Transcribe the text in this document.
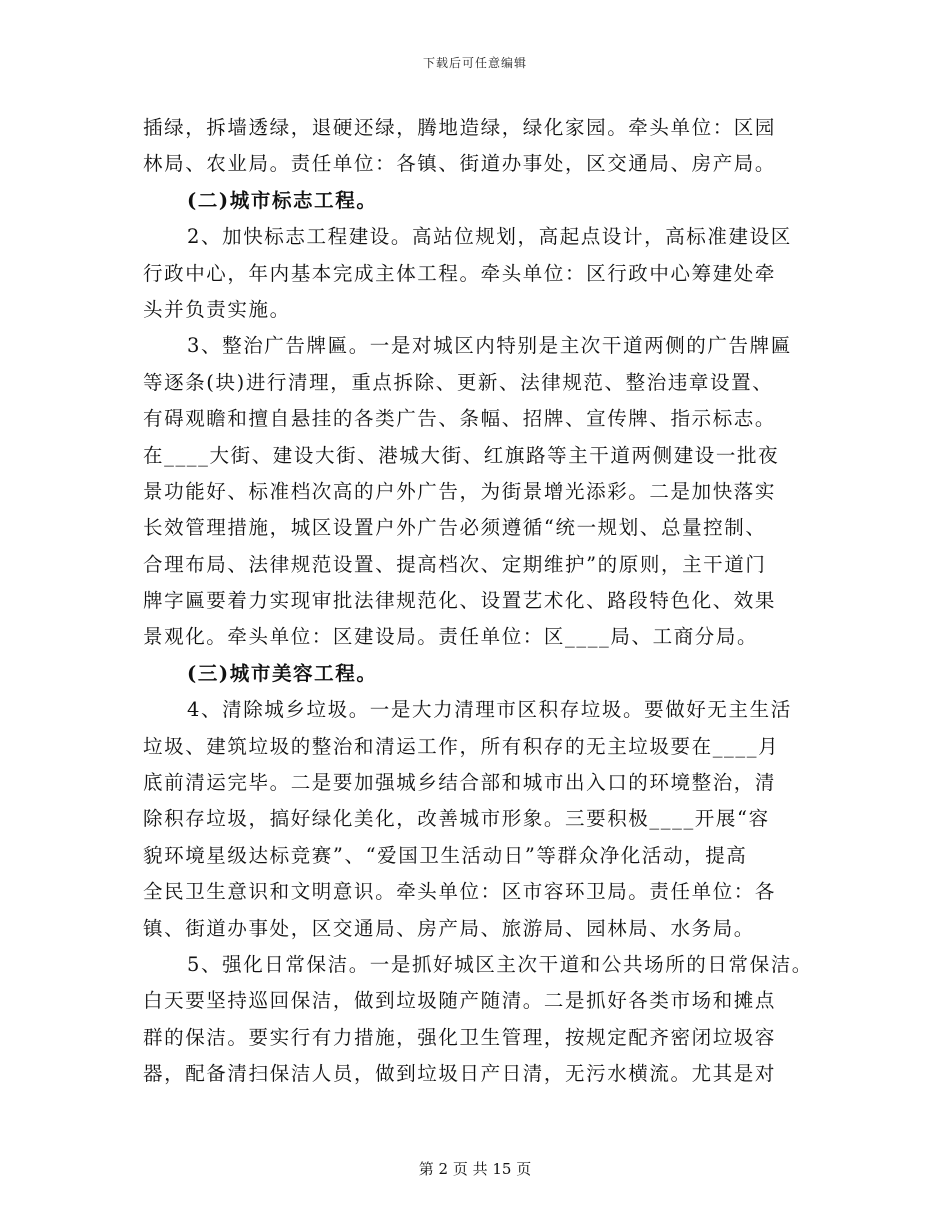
下载后可任意编辑
插绿，拆墙透绿，退硬还绿，腾地造绿，绿化家园。牵头单位：区园
林局、农业局。责任单位：各镇、街道办事处，区交通局、房产局。
(二)城市标志工程。
2、加快标志工程建设。高站位规划，高起点设计，高标准建设区
行政中心，年内基本完成主体工程。牵头单位：区行政中心筹建处牵
头并负责实施。
3、整治广告牌匾。一是对城区内特别是主次干道两侧的广告牌匾
等逐条(块)进行清理，重点拆除、更新、法律规范、整治违章设置、
有碍观瞻和擅自悬挂的各类广告、条幅、招牌、宣传牌、指示标志。
在____大街、建设大街、港城大街、红旗路等主干道两侧建设一批夜
景功能好、标准档次高的户外广告，为街景增光添彩。二是加快落实
长效管理措施，城区设置户外广告必须遵循“统一规划、总量控制、
合理布局、法律规范设置、提高档次、定期维护”的原则，主干道门
牌字匾要着力实现审批法律规范化、设置艺术化、路段特色化、效果
景观化。牵头单位：区建设局。责任单位：区____局、工商分局。
(三)城市美容工程。
4、清除城乡垃圾。一是大力清理市区积存垃圾。要做好无主生活
垃圾、建筑垃圾的整治和清运工作，所有积存的无主垃圾要在____月
底前清运完毕。二是要加强城乡结合部和城市出入口的环境整治，清
除积存垃圾，搞好绿化美化，改善城市形象。三要积极____开展“容
貌环境星级达标竞赛”、“爱国卫生活动日”等群众净化活动，提高
全民卫生意识和文明意识。牵头单位：区市容环卫局。责任单位：各
镇、街道办事处，区交通局、房产局、旅游局、园林局、水务局。
5、强化日常保洁。一是抓好城区主次干道和公共场所的日常保洁。
白天要坚持巡回保洁，做到垃圾随产随清。二是抓好各类市场和摊点
群的保洁。要实行有力措施，强化卫生管理，按规定配齐密闭垃圾容
器，配备清扫保洁人员，做到垃圾日产日清，无污水横流。尤其是对
第 2 页 共 15 页
